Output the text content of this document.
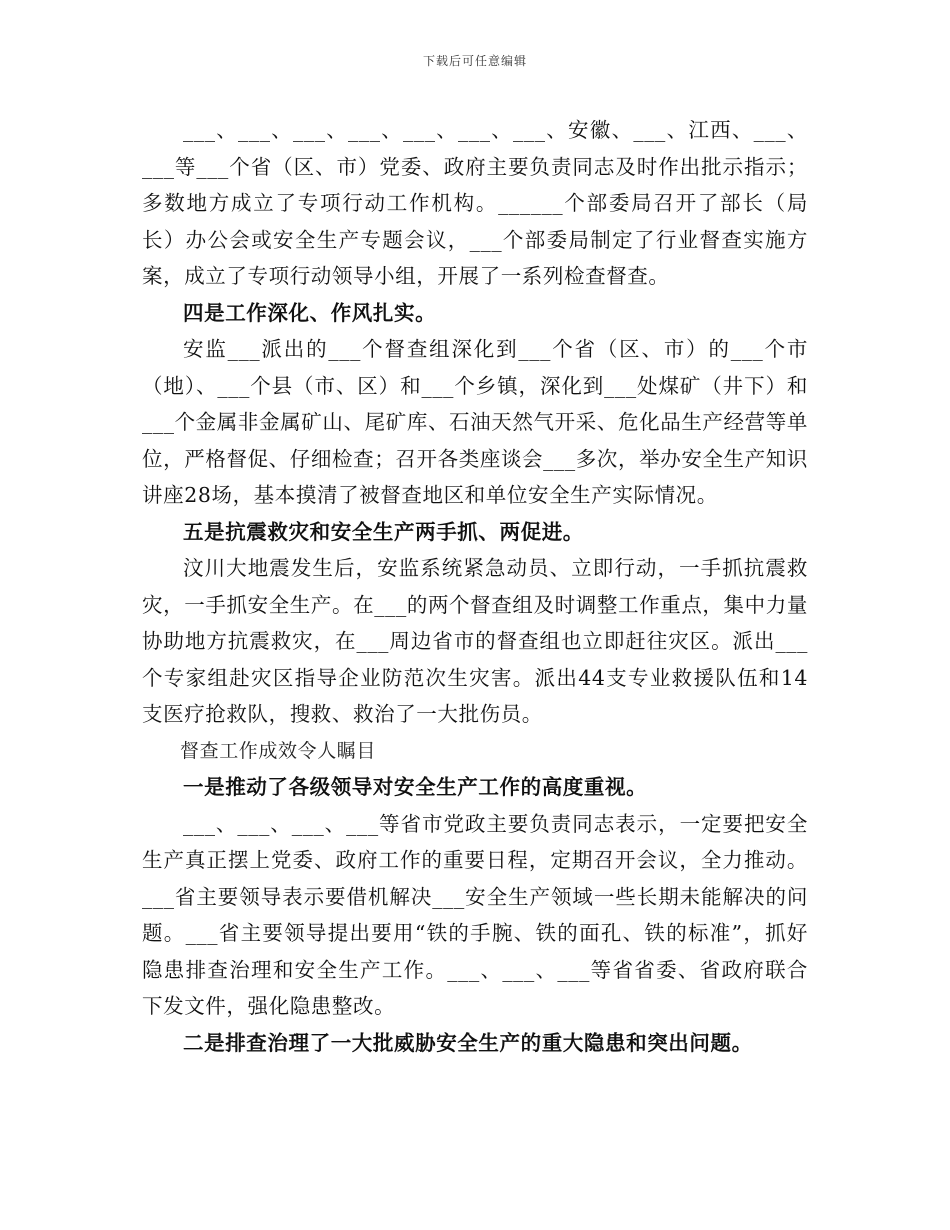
下载后可任意编辑

___、___、___、___、___、___、___、安徽、___、江西、___、___等___个省（区、市）党委、政府主要负责同志及时作出批示指示；多数地方成立了专项行动工作机构。______个部委局召开了部长（局长）办公会或安全生产专题会议，___个部委局制定了行业督查实施方案，成立了专项行动领导小组，开展了一系列检查督查。

四是工作深化、作风扎实。

安监___派出的___个督查组深化到___个省（区、市）的___个市（地）、___个县（市、区）和___个乡镇，深化到___处煤矿（井下）和___个金属非金属矿山、尾矿库、石油天然气开采、危化品生产经营等单位，严格督促、仔细检查；召开各类座谈会___多次，举办安全生产知识讲座28场，基本摸清了被督查地区和单位安全生产实际情况。

五是抗震救灾和安全生产两手抓、两促进。

汶川大地震发生后，安监系统紧急动员、立即行动，一手抓抗震救灾，一手抓安全生产。在___的两个督查组及时调整工作重点，集中力量协助地方抗震救灾，在___周边省市的督查组也立即赶往灾区。派出___个专家组赴灾区指导企业防范次生灾害。派出44支专业救援队伍和14支医疗抢救队，搜救、救治了一大批伤员。

督查工作成效令人瞩目

一是推动了各级领导对安全生产工作的高度重视。

___、___、___、___等省市党政主要负责同志表示，一定要把安全生产真正摆上党委、政府工作的重要日程，定期召开会议，全力推动。___省主要领导表示要借机解决___安全生产领域一些长期未能解决的问题。___省主要领导提出要用“铁的手腕、铁的面孔、铁的标准”，抓好隐患排查治理和安全生产工作。___、___、___等省省委、省政府联合下发文件，强化隐患整改。

二是排查治理了一大批威胁安全生产的重大隐患和突出问题。
